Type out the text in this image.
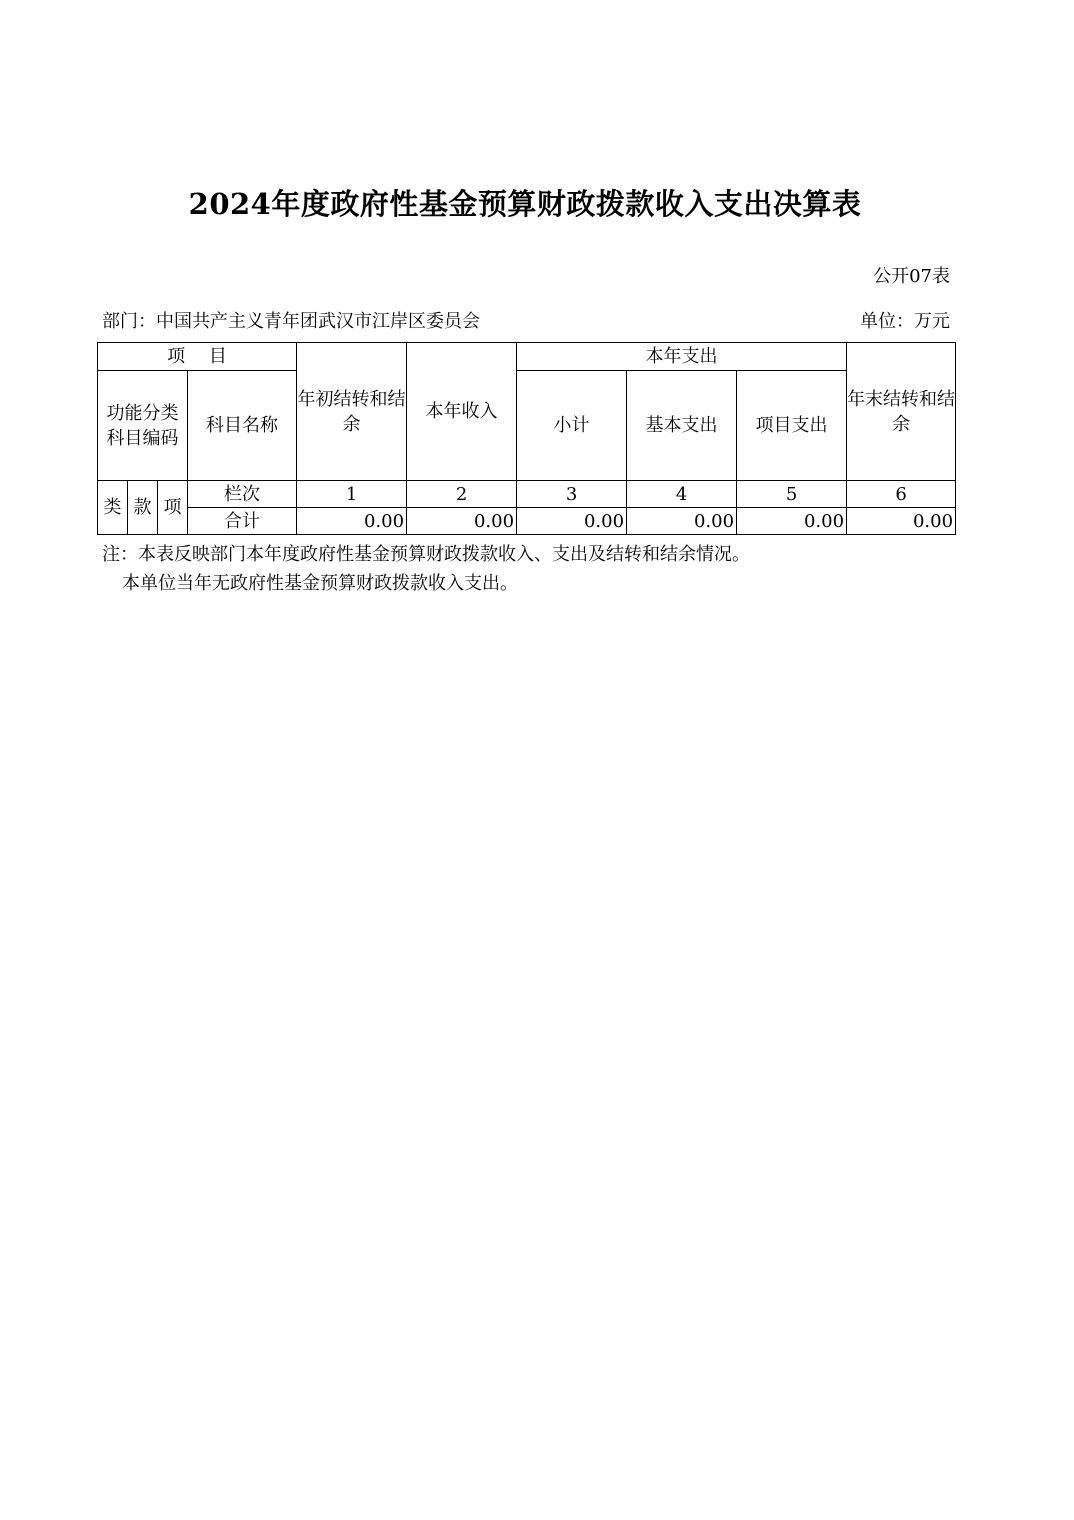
2024年度政府性基金预算财政拨款收入支出决算表
公开07表
部门：中国共产主义青年团武汉市江岸区委员会	单位：万元
项　 目				年初结转和结余	本年收入	本年支出			年末结转和结余
功能分类科目编码			科目名称			小计	基本支出	项目支出	
类	款	项	栏次	1	2	3	4	5	6
			合计	0.00	0.00	0.00	0.00	0.00	0.00
注：本表反映部门本年度政府性基金预算财政拨款收入、支出及结转和结余情况。
本单位当年无政府性基金预算财政拨款收入支出。
